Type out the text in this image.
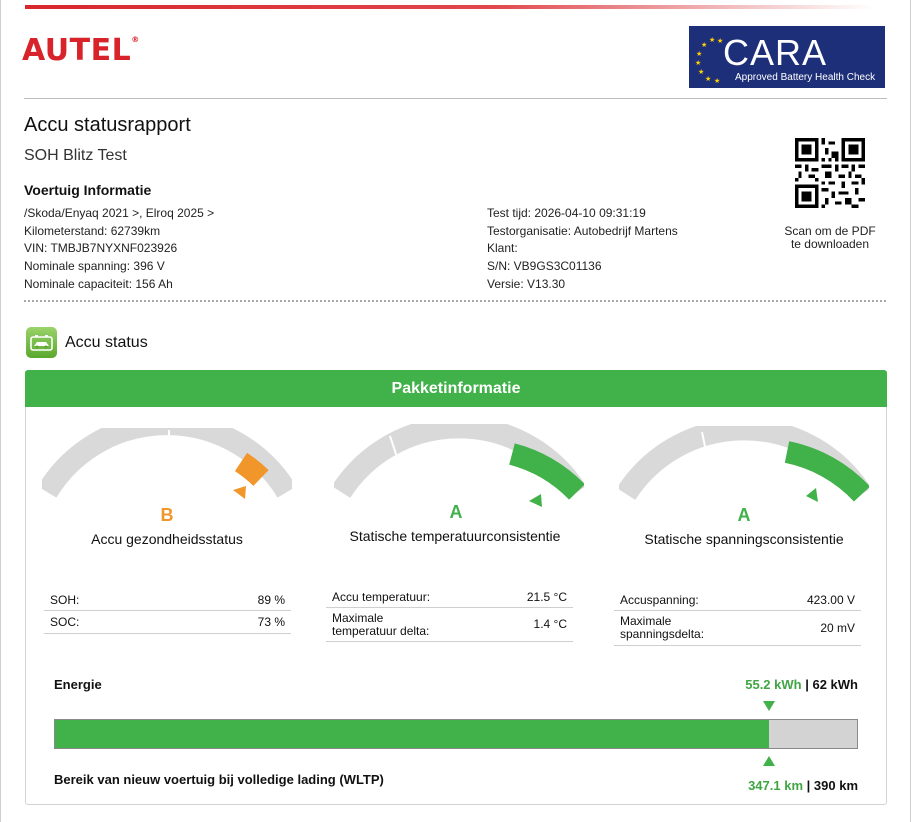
AUTEL®	★ ★
★
★
★
★
★ ★
CARA
Approved Battery Health Check
Accu statusrapport
SOH Blitz Test
Voertuig Informatie
/Skoda/Enyaq 2021 >, Elroq 2025 >
Kilometerstand: 62739km
VIN: TMBJB7NYXNF023926
Nominale spanning: 396 V
Nominale capaciteit: 156 Ah
Test tijd: 2026-04-10 09:31:19
Testorganisatie: Autobedrijf Martens
Klant:
S/N: VB9GS3C01136
Versie: V13.30
Scan om de PDF
te downloaden
Accu status
Pakketinformatie
B
Accu gezondheidsstatus
A
Statische temperatuurconsistentie
A
Statische spanningsconsistentie
SOH:	89 %
SOC:	73 %
Accu temperatuur:	21.5 °C
Maximale
temperatuur delta:	1.4 °C
Accuspanning:	423.00 V
Maximale
spanningsdelta:	20 mV
Energie	55.2 kWh | 62 kWh
Bereik van nieuw voertuig bij volledige lading (WLTP)	347.1 km | 390 km
